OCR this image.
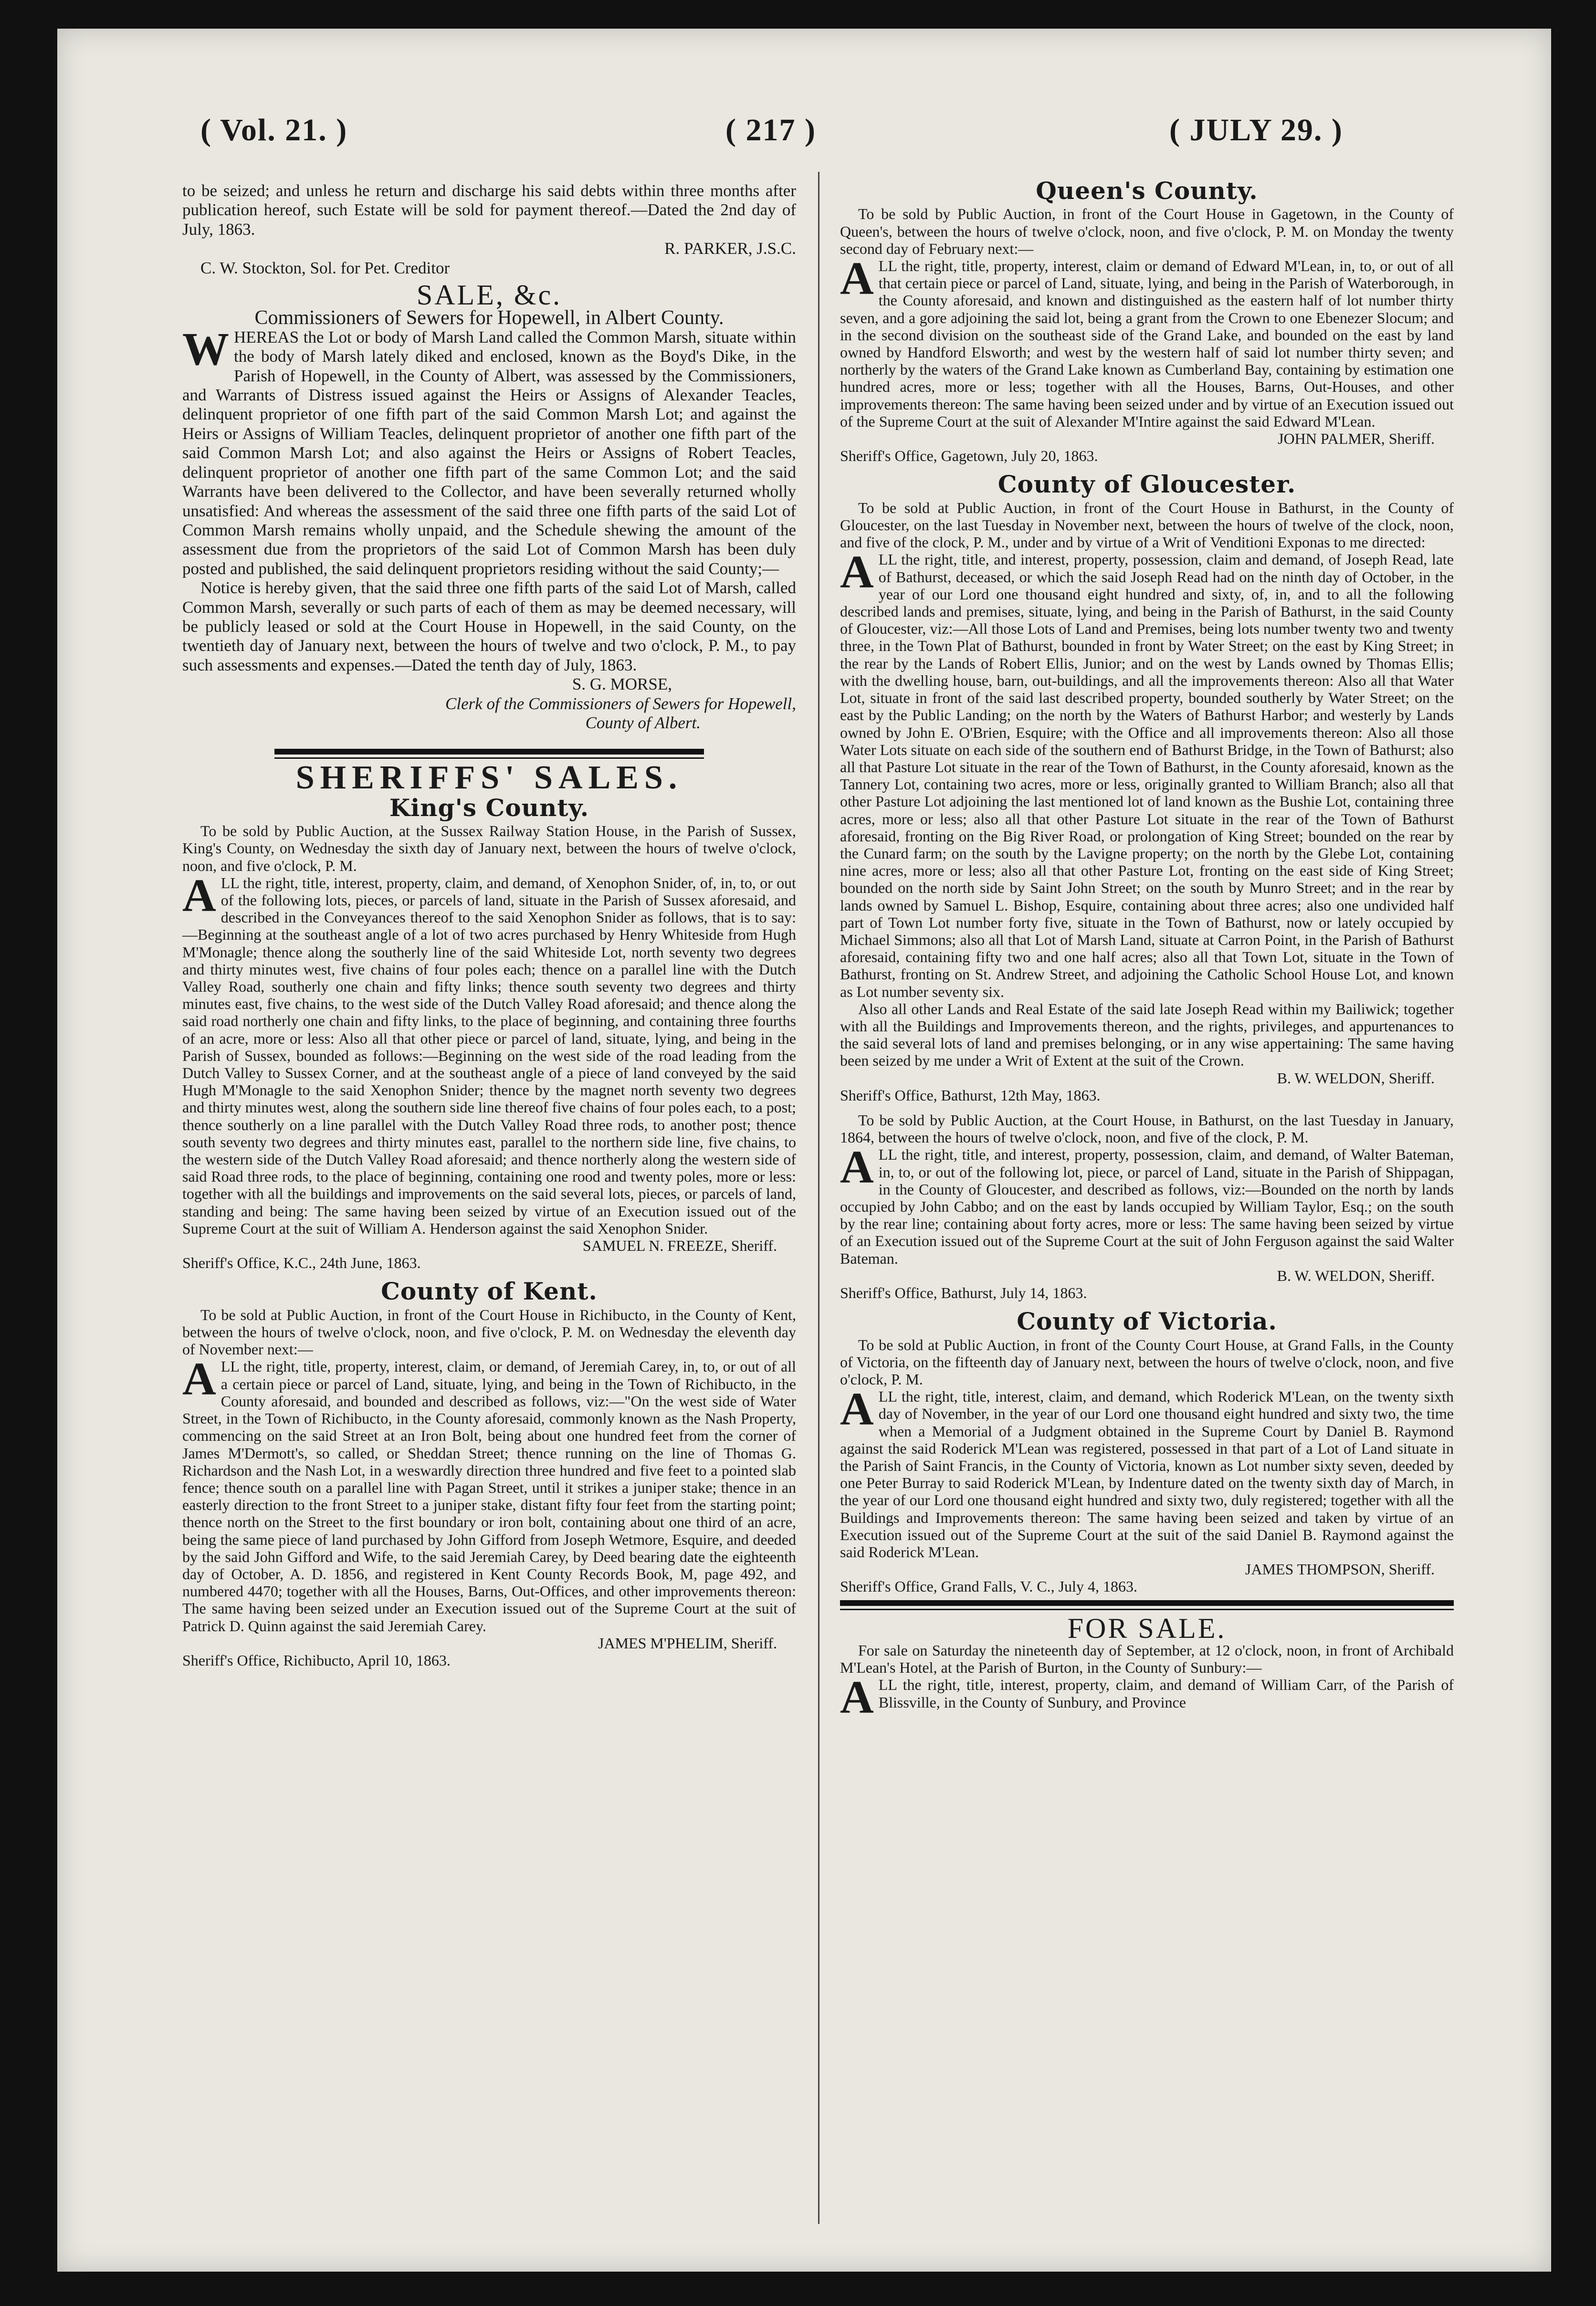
( Vol. 21. )	( 217 )	( JULY 29. )

to be seized; and unless he return and discharge his said debts within three months after publication hereof, such Estate will be sold for payment thereof.—Dated the 2nd day of July, 1863.

R. PARKER, J.S.C.

C. W. Stockton, Sol. for Pet. Creditor

SALE, &c.

Commissioners of Sewers for Hopewell, in Albert County.

WHEREAS the Lot or body of Marsh Land called the Common Marsh, situate within the body of Marsh lately diked and enclosed, known as the Boyd's Dike, in the Parish of Hopewell, in the County of Albert, was assessed by the Commissioners, and Warrants of Distress issued against the Heirs or Assigns of Alexander Teacles, delinquent proprietor of one fifth part of the said Common Marsh Lot; and against the Heirs or Assigns of William Teacles, delinquent proprietor of another one fifth part of the said Common Marsh Lot; and also against the Heirs or Assigns of Robert Teacles, delinquent proprietor of another one fifth part of the same Common Lot; and the said Warrants have been delivered to the Collector, and have been severally returned wholly unsatisfied: And whereas the assessment of the said three one fifth parts of the said Lot of Common Marsh remains wholly unpaid, and the Schedule shewing the amount of the assessment due from the proprietors of the said Lot of Common Marsh has been duly posted and published, the said delinquent proprietors residing without the said County;—

Notice is hereby given, that the said three one fifth parts of the said Lot of Marsh, called Common Marsh, severally or such parts of each of them as may be deemed necessary, will be publicly leased or sold at the Court House in Hopewell, in the said County, on the twentieth day of January next, between the hours of twelve and two o'clock, P. M., to pay such assessments and expenses.—Dated the tenth day of July, 1863.

S. G. MORSE,

Clerk of the Commissioners of Sewers for Hopewell,

County of Albert.

SHERIFFS' SALES.
King's County.

To be sold by Public Auction, at the Sussex Railway Station House, in the Parish of Sussex, King's County, on Wednesday the sixth day of January next, between the hours of twelve o'clock, noon, and five o'clock, P. M.

ALL the right, title, interest, property, claim, and demand, of Xenophon Snider, of, in, to, or out of the following lots, pieces, or parcels of land, situate in the Parish of Sussex aforesaid, and described in the Conveyances thereof to the said Xenophon Snider as follows, that is to say:—Beginning at the southeast angle of a lot of two acres purchased by Henry Whiteside from Hugh M'Monagle; thence along the southerly line of the said Whiteside Lot, north seventy two degrees and thirty minutes west, five chains of four poles each; thence on a parallel line with the Dutch Valley Road, southerly one chain and fifty links; thence south seventy two degrees and thirty minutes east, five chains, to the west side of the Dutch Valley Road aforesaid; and thence along the said road northerly one chain and fifty links, to the place of beginning, and containing three fourths of an acre, more or less: Also all that other piece or parcel of land, situate, lying, and being in the Parish of Sussex, bounded as follows:—Beginning on the west side of the road leading from the Dutch Valley to Sussex Corner, and at the southeast angle of a piece of land conveyed by the said Hugh M'Monagle to the said Xenophon Snider; thence by the magnet north seventy two degrees and thirty minutes west, along the southern side line thereof five chains of four poles each, to a post; thence southerly on a line parallel with the Dutch Valley Road three rods, to another post; thence south seventy two degrees and thirty minutes east, parallel to the northern side line, five chains, to the western side of the Dutch Valley Road aforesaid; and thence northerly along the western side of said Road three rods, to the place of beginning, containing one rood and twenty poles, more or less: together with all the buildings and improvements on the said several lots, pieces, or parcels of land, standing and being: The same having been seized by virtue of an Execution issued out of the Supreme Court at the suit of William A. Henderson against the said Xenophon Snider.

SAMUEL N. FREEZE, Sheriff.

Sheriff's Office, K.C., 24th June, 1863.

County of Kent.

To be sold at Public Auction, in front of the Court House in Richibucto, in the County of Kent, between the hours of twelve o'clock, noon, and five o'clock, P. M. on Wednesday the eleventh day of November next:—

ALL the right, title, property, interest, claim, or demand, of Jeremiah Carey, in, to, or out of all a certain piece or parcel of Land, situate, lying, and being in the Town of Richibucto, in the County aforesaid, and bounded and described as follows, viz:—"On the west side of Water Street, in the Town of Richibucto, in the County aforesaid, commonly known as the Nash Property, commencing on the said Street at an Iron Bolt, being about one hundred feet from the corner of James M'Dermott's, so called, or Sheddan Street; thence running on the line of Thomas G. Richardson and the Nash Lot, in a weswardly direction three hundred and five feet to a pointed slab fence; thence south on a parallel line with Pagan Street, until it strikes a juniper stake; thence in an easterly direction to the front Street to a juniper stake, distant fifty four feet from the starting point; thence north on the Street to the first boundary or iron bolt, containing about one third of an acre, being the same piece of land purchased by John Gifford from Joseph Wetmore, Esquire, and deeded by the said John Gifford and Wife, to the said Jeremiah Carey, by Deed bearing date the eighteenth day of October, A. D. 1856, and registered in Kent County Records Book, M, page 492, and numbered 4470; together with all the Houses, Barns, Out-Offices, and other improvements thereon: The same having been seized under an Execution issued out of the Supreme Court at the suit of Patrick D. Quinn against the said Jeremiah Carey.

JAMES M'PHELIM, Sheriff.

Sheriff's Office, Richibucto, April 10, 1863.

Queen's County.

To be sold by Public Auction, in front of the Court House in Gagetown, in the County of Queen's, between the hours of twelve o'clock, noon, and five o'clock, P. M. on Monday the twenty second day of February next:—

ALL the right, title, property, interest, claim or demand of Edward M'Lean, in, to, or out of all that certain piece or parcel of Land, situate, lying, and being in the Parish of Waterborough, in the County aforesaid, and known and distinguished as the eastern half of lot number thirty seven, and a gore adjoining the said lot, being a grant from the Crown to one Ebenezer Slocum; and in the second division on the southeast side of the Grand Lake, and bounded on the east by land owned by Handford Elsworth; and west by the western half of said lot number thirty seven; and northerly by the waters of the Grand Lake known as Cumberland Bay, containing by estimation one hundred acres, more or less; together with all the Houses, Barns, Out-Houses, and other improvements thereon: The same having been seized under and by virtue of an Execution issued out of the Supreme Court at the suit of Alexander M'Intire against the said Edward M'Lean.

JOHN PALMER, Sheriff.

Sheriff's Office, Gagetown, July 20, 1863.

County of Gloucester.

To be sold at Public Auction, in front of the Court House in Bathurst, in the County of Gloucester, on the last Tuesday in November next, between the hours of twelve of the clock, noon, and five of the clock, P. M., under and by virtue of a Writ of Venditioni Exponas to me directed:

ALL the right, title, and interest, property, possession, claim and demand, of Joseph Read, late of Bathurst, deceased, or which the said Joseph Read had on the ninth day of October, in the year of our Lord one thousand eight hundred and sixty, of, in, and to all the following described lands and premises, situate, lying, and being in the Parish of Bathurst, in the said County of Gloucester, viz:—All those Lots of Land and Premises, being lots number twenty two and twenty three, in the Town Plat of Bathurst, bounded in front by Water Street; on the east by King Street; in the rear by the Lands of Robert Ellis, Junior; and on the west by Lands owned by Thomas Ellis; with the dwelling house, barn, out-buildings, and all the improvements thereon: Also all that Water Lot, situate in front of the said last described property, bounded southerly by Water Street; on the east by the Public Landing; on the north by the Waters of Bathurst Harbor; and westerly by Lands owned by John E. O'Brien, Esquire; with the Office and all improvements thereon: Also all those Water Lots situate on each side of the southern end of Bathurst Bridge, in the Town of Bathurst; also all that Pasture Lot situate in the rear of the Town of Bathurst, in the County aforesaid, known as the Tannery Lot, containing two acres, more or less, originally granted to William Branch; also all that other Pasture Lot adjoining the last mentioned lot of land known as the Bushie Lot, containing three acres, more or less; also all that other Pasture Lot situate in the rear of the Town of Bathurst aforesaid, fronting on the Big River Road, or prolongation of King Street; bounded on the rear by the Cunard farm; on the south by the Lavigne property; on the north by the Glebe Lot, containing nine acres, more or less; also all that other Pasture Lot, fronting on the east side of King Street; bounded on the north side by Saint John Street; on the south by Munro Street; and in the rear by lands owned by Samuel L. Bishop, Esquire, containing about three acres; also one undivided half part of Town Lot number forty five, situate in the Town of Bathurst, now or lately occupied by Michael Simmons; also all that Lot of Marsh Land, situate at Carron Point, in the Parish of Bathurst aforesaid, containing fifty two and one half acres; also all that Town Lot, situate in the Town of Bathurst, fronting on St. Andrew Street, and adjoining the Catholic School House Lot, and known as Lot number seventy six.

Also all other Lands and Real Estate of the said late Joseph Read within my Bailiwick; together with all the Buildings and Improvements thereon, and the rights, privileges, and appurtenances to the said several lots of land and premises belonging, or in any wise appertaining: The same having been seized by me under a Writ of Extent at the suit of the Crown.

B. W. WELDON, Sheriff.

Sheriff's Office, Bathurst, 12th May, 1863.

To be sold by Public Auction, at the Court House, in Bathurst, on the last Tuesday in January, 1864, between the hours of twelve o'clock, noon, and five of the clock, P. M.

ALL the right, title, and interest, property, possession, claim, and demand, of Walter Bateman, in, to, or out of the following lot, piece, or parcel of Land, situate in the Parish of Shippagan, in the County of Gloucester, and described as follows, viz:—Bounded on the north by lands occupied by John Cabbo; and on the east by lands occupied by William Taylor, Esq.; on the south by the rear line; containing about forty acres, more or less: The same having been seized by virtue of an Execution issued out of the Supreme Court at the suit of John Ferguson against the said Walter Bateman.

B. W. WELDON, Sheriff.

Sheriff's Office, Bathurst, July 14, 1863.

County of Victoria.

To be sold at Public Auction, in front of the County Court House, at Grand Falls, in the County of Victoria, on the fifteenth day of January next, between the hours of twelve o'clock, noon, and five o'clock, P. M.

ALL the right, title, interest, claim, and demand, which Roderick M'Lean, on the twenty sixth day of November, in the year of our Lord one thousand eight hundred and sixty two, the time when a Memorial of a Judgment obtained in the Supreme Court by Daniel B. Raymond against the said Roderick M'Lean was registered, possessed in that part of a Lot of Land situate in the Parish of Saint Francis, in the County of Victoria, known as Lot number sixty seven, deeded by one Peter Burray to said Roderick M'Lean, by Indenture dated on the twenty sixth day of March, in the year of our Lord one thousand eight hundred and sixty two, duly registered; together with all the Buildings and Improvements thereon: The same having been seized and taken by virtue of an Execution issued out of the Supreme Court at the suit of the said Daniel B. Raymond against the said Roderick M'Lean.

JAMES THOMPSON, Sheriff.

Sheriff's Office, Grand Falls, V. C., July 4, 1863.

FOR SALE.

For sale on Saturday the nineteenth day of September, at 12 o'clock, noon, in front of Archibald M'Lean's Hotel, at the Parish of Burton, in the County of Sunbury:—

ALL the right, title, interest, property, claim, and demand of William Carr, of the Parish of Blissville, in the County of Sunbury, and Province
